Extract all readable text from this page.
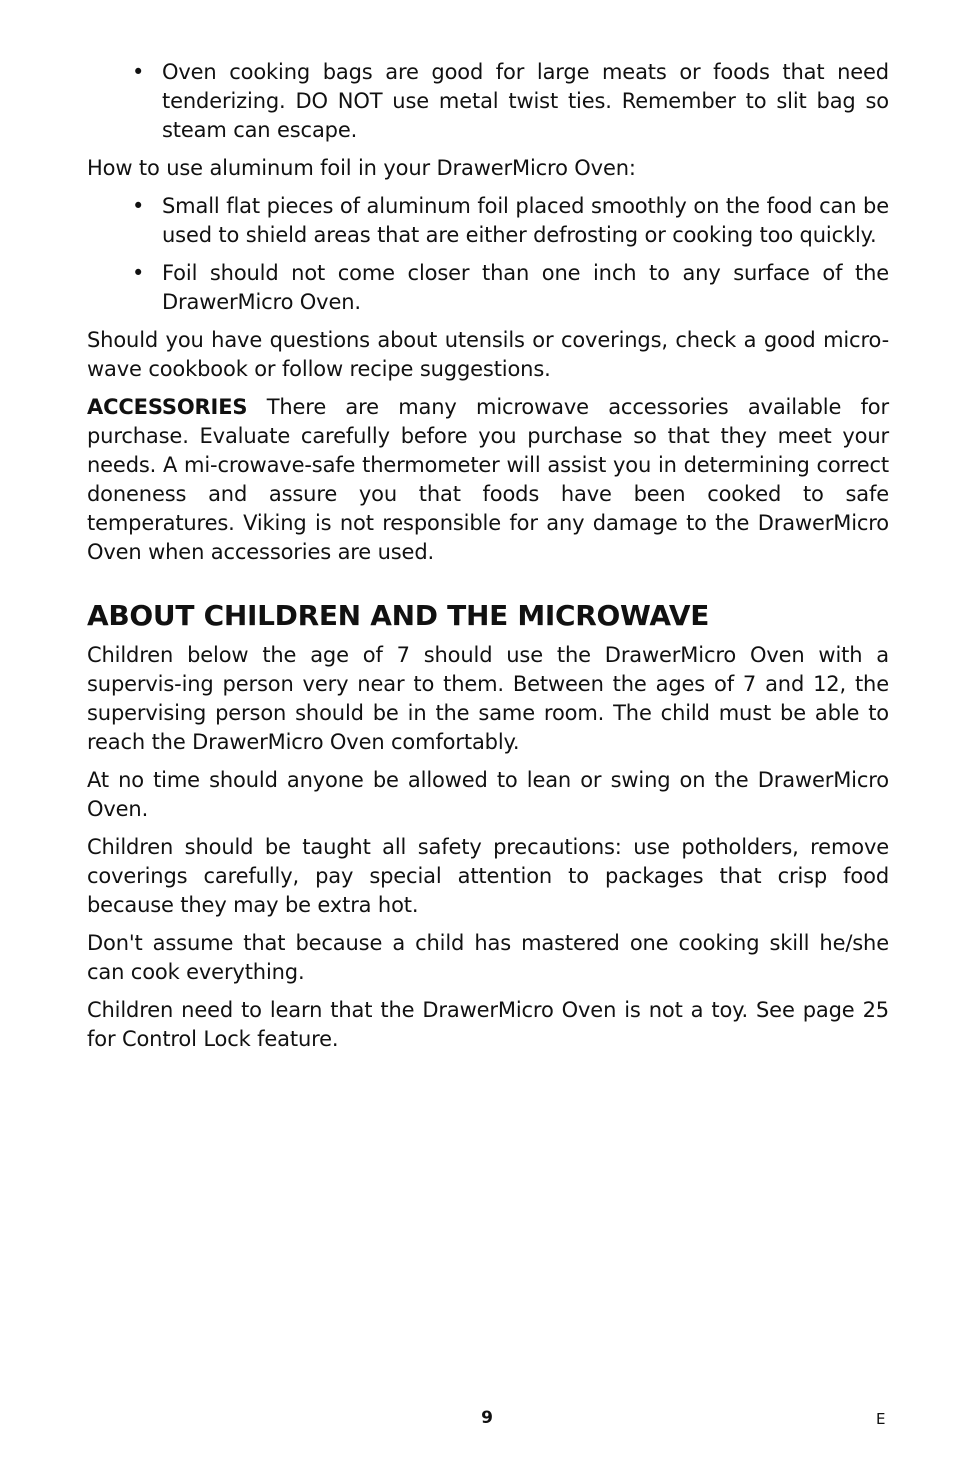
• Oven cooking bags are good for large meats or foods that need tenderizing. DO NOT use metal twist ties. Remember to slit bag so steam can escape.

How to use aluminum foil in your DrawerMicro Oven:

• Small flat pieces of aluminum foil placed smoothly on the food can be used to shield areas that are either defrosting or cooking too quickly.
• Foil should not come closer than one inch to any surface of the DrawerMicro Oven.

Should you have questions about utensils or coverings, check a good micro-wave cookbook or follow recipe suggestions.

ACCESSORIES There are many microwave accessories available for purchase. Evaluate carefully before you purchase so that they meet your needs. A mi-crowave-safe thermometer will assist you in determining correct doneness and assure you that foods have been cooked to safe temperatures. Viking is not responsible for any damage to the DrawerMicro Oven when accessories are used.

ABOUT CHILDREN AND THE MICROWAVE

Children below the age of 7 should use the DrawerMicro Oven with a supervis-ing person very near to them. Between the ages of 7 and 12, the supervising person should be in the same room. The child must be able to reach the DrawerMicro Oven comfortably.

At no time should anyone be allowed to lean or swing on the DrawerMicro Oven.

Children should be taught all safety precautions: use potholders, remove coverings carefully, pay special attention to packages that crisp food because they may be extra hot.

Don't assume that because a child has mastered one cooking skill he/she can cook everything.

Children need to learn that the DrawerMicro Oven is not a toy. See page 25 for Control Lock feature.

9	E
